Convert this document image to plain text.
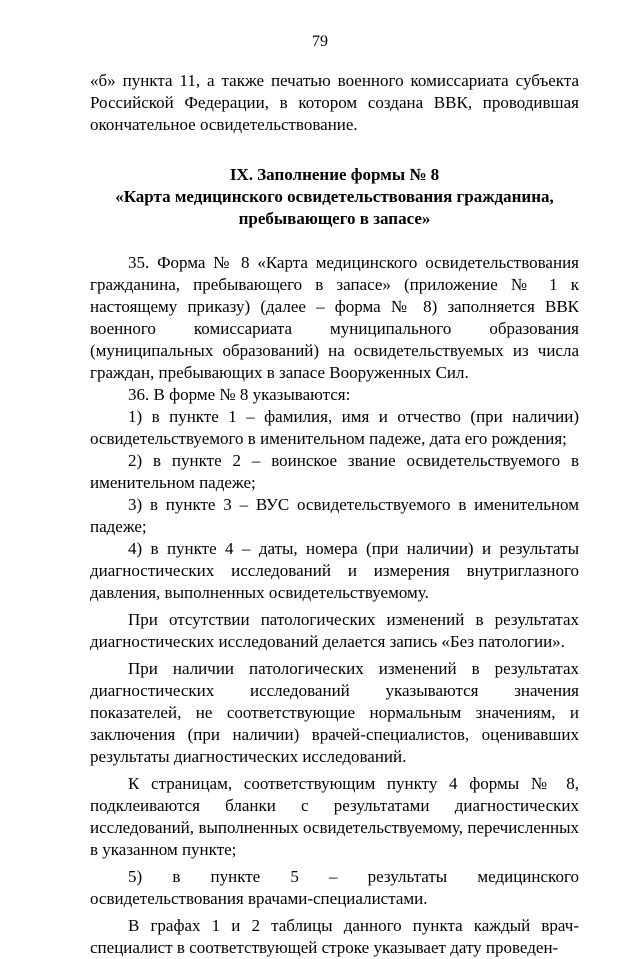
79

«б» пункта 11, а также печатью военного комиссариата субъекта Российской Федерации, в котором создана ВВК, проводившая окончательное освидетельствование.

IX. Заполнение формы № 8
«Карта медицинского освидетельствования гражданина,
пребывающего в запасе»

35. Форма № 8 «Карта медицинского освидетельствования гражданина, пребывающего в запасе» (приложение № 1 к настоящему приказу) (далее – форма № 8) заполняется ВВК военного комиссариата муниципального образования (муниципальных образований) на освидетельствуемых из числа граждан, пребывающих в запасе Вооруженных Сил.

36. В форме № 8 указываются:

1) в пункте 1 – фамилия, имя и отчество (при наличии) освидетельствуемого в именительном падеже, дата его рождения;

2) в пункте 2 – воинское звание освидетельствуемого в именительном падеже;

3) в пункте 3 – ВУС освидетельствуемого в именительном падеже;

4) в пункте 4 – даты, номера (при наличии) и результаты диагностических исследований и измерения внутриглазного давления, выполненных освидетельствуемому.

При отсутствии патологических изменений в результатах диагностических исследований делается запись «Без патологии».

При наличии патологических изменений в результатах диагностических исследований указываются значения показателей, не соответствующие нормальным значениям, и заключения (при наличии) врачей-специалистов, оценивавших результаты диагностических исследований.

К страницам, соответствующим пункту 4 формы № 8, подклеиваются бланки с результатами диагностических исследований, выполненных освидетельствуемому, перечисленных в указанном пункте;

5) в пункте 5 – результаты медицинского освидетельствования врачами-специалистами.

В графах 1 и 2 таблицы данного пункта каждый врач-специалист в соответствующей строке указывает дату проведен-
